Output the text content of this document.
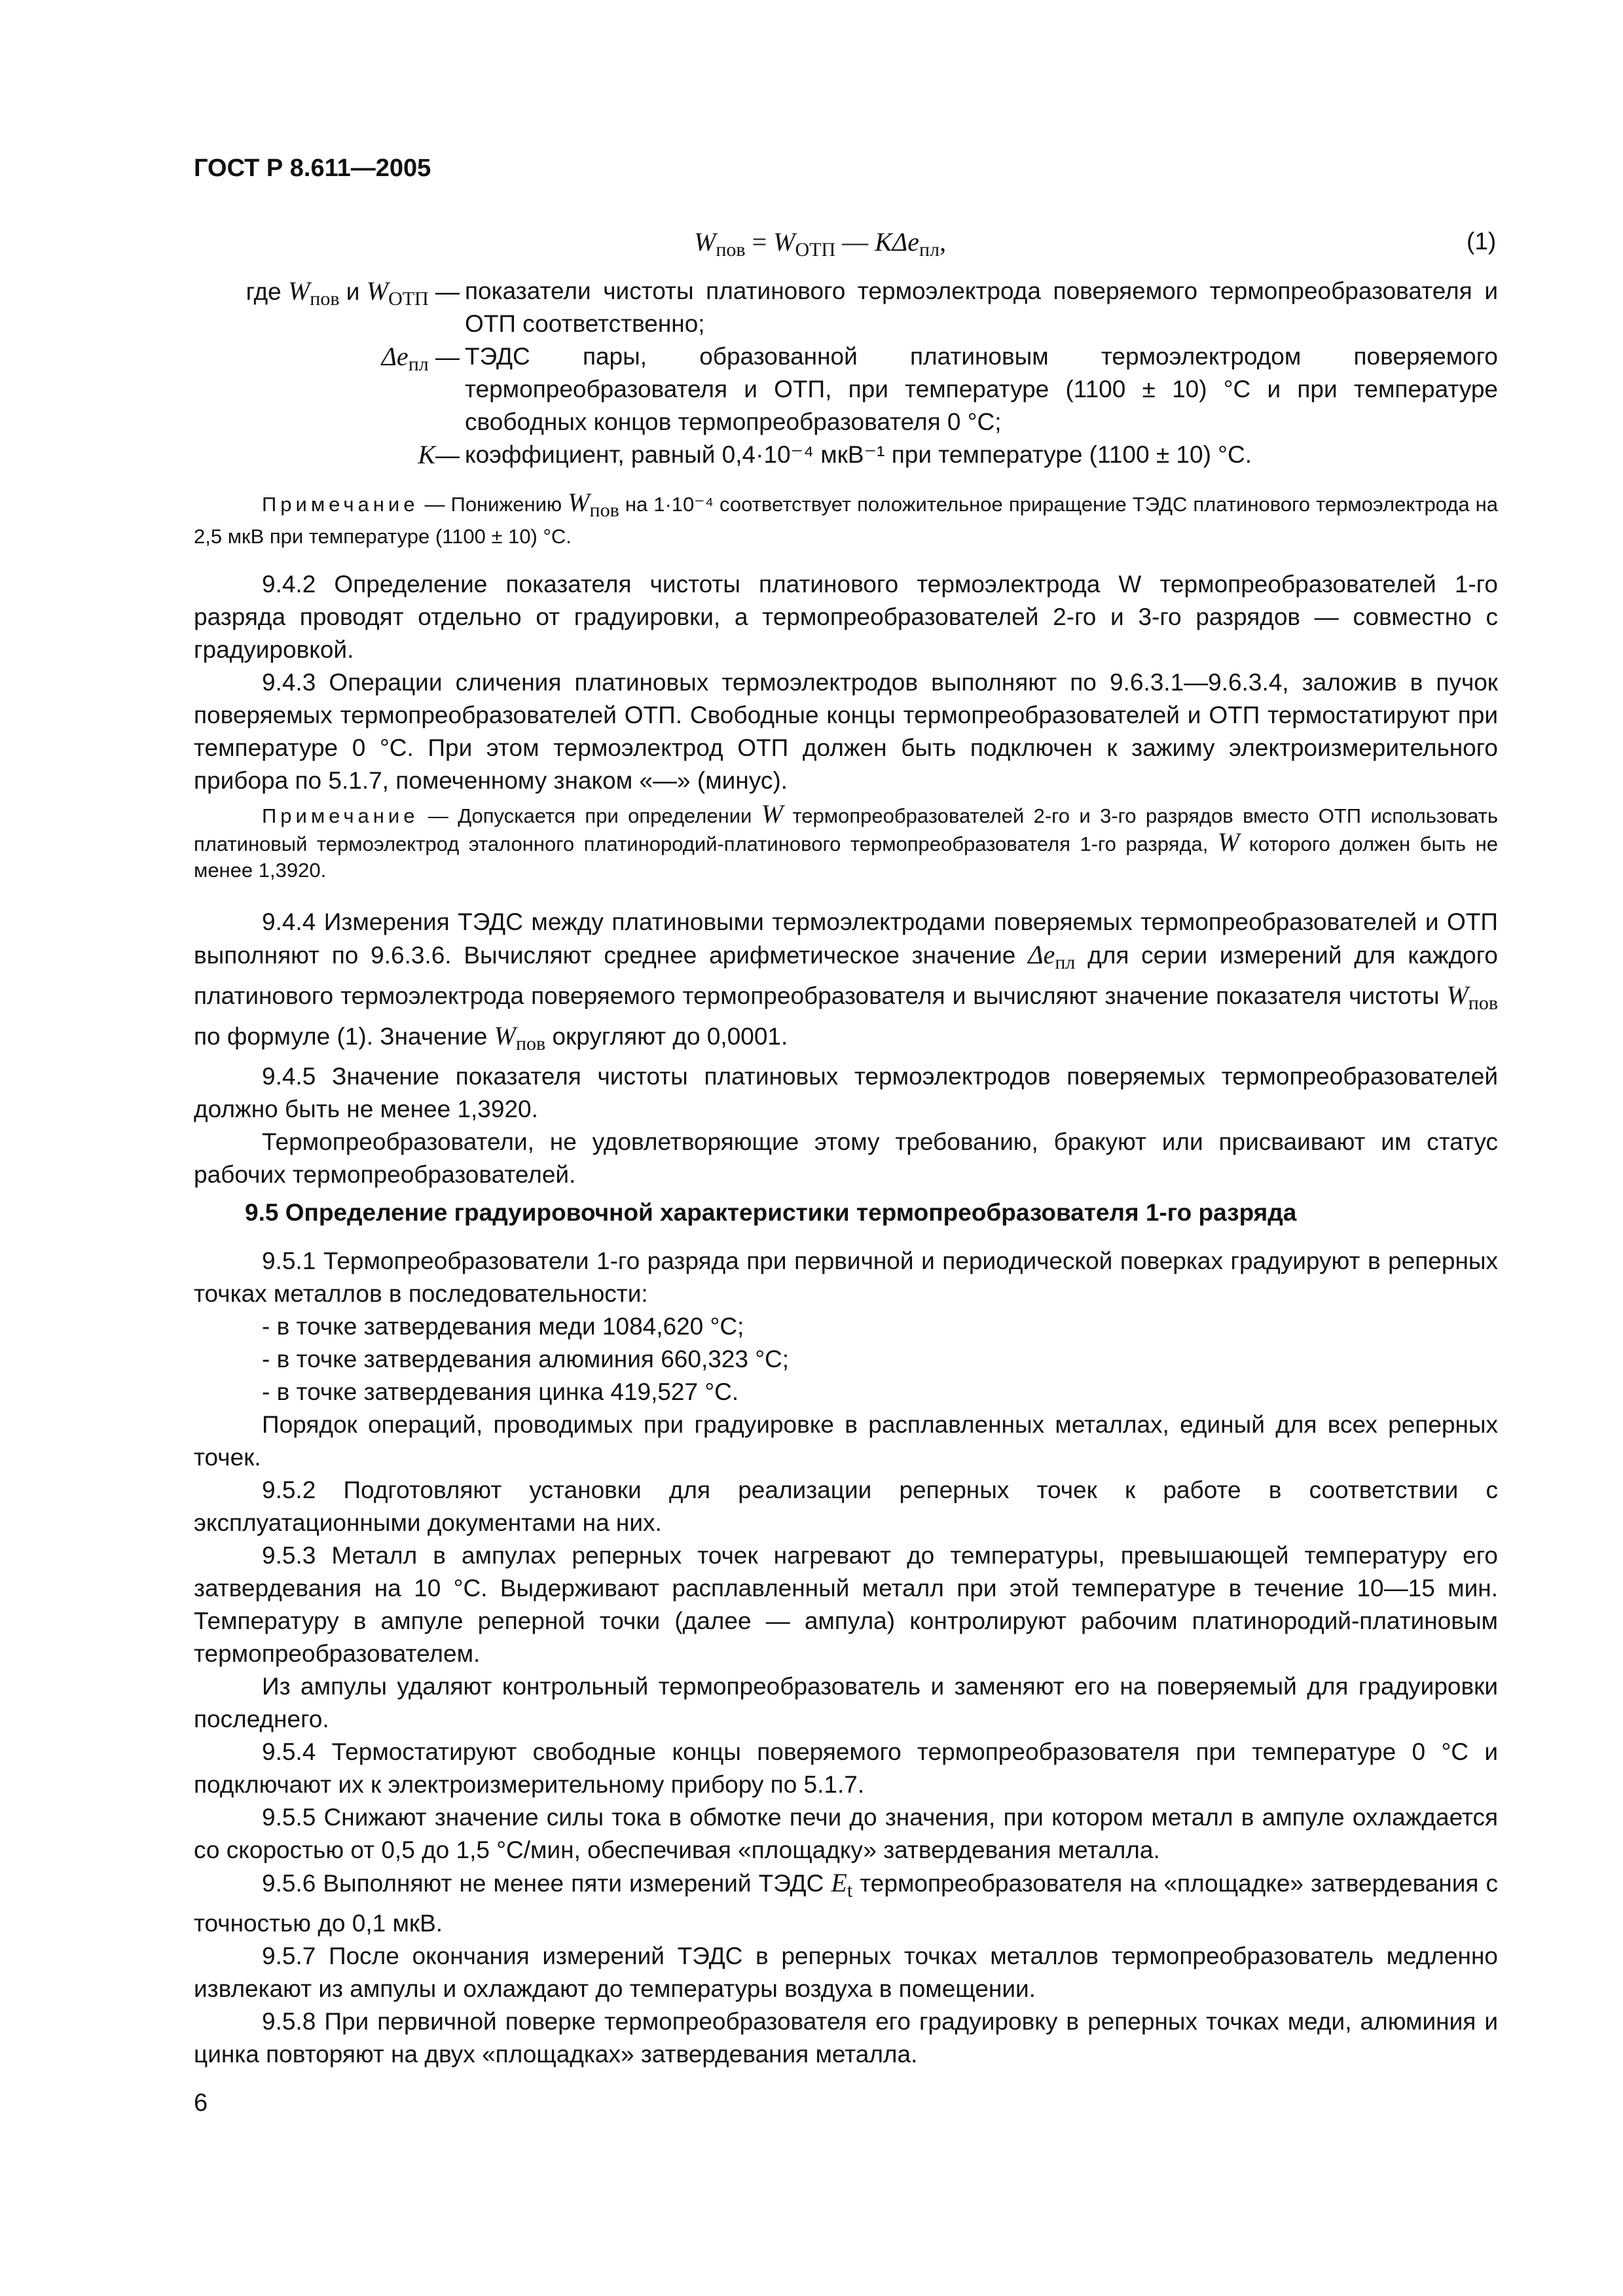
ГОСТ Р 8.611—2005
$W_{пов} = W_{ОТП}$ — KΔe$_{пл}$,	(1)
где $W_{пов}$ и $W_{ОТП}$ — показатели чистоты платинового термоэлектрода поверяемого термопреобразователя и ОТП соответственно;
$\Delta e_{пл}$ — ТЭДС пары, образованной платиновым термоэлектродом поверяемого термопреобразователя и ОТП, при температуре (1100 ± 10) °С и при температуре свободных концов термопреобразователя 0 °С;
K— коэффициент, равный 0,4·10⁻⁴ мкВ⁻¹ при температуре (1100 ± 10) °С.
Примечание — Понижению Wпов на 1·10⁻⁴ соответствует положительное приращение ТЭДС платинового термоэлектрода на 2,5 мкВ при температуре (1100 ± 10) °С.

9.4.2 Определение показателя чистоты платинового термоэлектрода W термопреобразователей 1-го разряда проводят отдельно от градуировки, а термопреобразователей 2-го и 3-го разрядов — совместно с градуировкой.

9.4.3 Операции сличения платиновых термоэлектродов выполняют по 9.6.3.1—9.6.3.4, заложив в пучок поверяемых термопреобразователей ОТП. Свободные концы термопреобразователей и ОТП термостатируют при температуре 0 °С. При этом термоэлектрод ОТП должен быть подключен к зажиму электроизмерительного прибора по 5.1.7, помеченному знаком «—» (минус).

Примечание — Допускается при определении W термопреобразователей 2-го и 3-го разрядов вместо ОТП использовать платиновый термоэлектрод эталонного платинородий-платинового термопреобразователя 1-го разряда, W которого должен быть не менее 1,3920.

9.4.4 Измерения ТЭДС между платиновыми термоэлектродами поверяемых термопреобразователей и ОТП выполняют по 9.6.3.6. Вычисляют среднее арифметическое значение $\Delta e_{пл}$ для серии измерений для каждого платинового термоэлектрода поверяемого термопреобразователя и вычисляют значение показателя чистоты $W_{пов}$ по формуле (1). Значение $W_{пов}$ округляют до 0,0001.

9.4.5 Значение показателя чистоты платиновых термоэлектродов поверяемых термопреобразователей должно быть не менее 1,3920.

Термопреобразователи, не удовлетворяющие этому требованию, бракуют или присваивают им статус рабочих термопреобразователей.

9.5 Определение градуировочной характеристики термопреобразователя 1-го разряда

9.5.1 Термопреобразователи 1-го разряда при первичной и периодической поверках градуируют в реперных точках металлов в последовательности:

- в точке затвердевания меди 1084,620 °С;

- в точке затвердевания алюминия 660,323 °С;

- в точке затвердевания цинка 419,527 °С.

Порядок операций, проводимых при градуировке в расплавленных металлах, единый для всех реперных точек.

9.5.2 Подготовляют установки для реализации реперных точек к работе в соответствии с эксплуатационными документами на них.

9.5.3 Металл в ампулах реперных точек нагревают до температуры, превышающей температуру его затвердевания на 10 °С. Выдерживают расплавленный металл при этой температуре в течение 10—15 мин. Температуру в ампуле реперной точки (далее — ампула) контролируют рабочим платинородий-платиновым термопреобразователем.

Из ампулы удаляют контрольный термопреобразователь и заменяют его на поверяемый для градуировки последнего.

9.5.4 Термостатируют свободные концы поверяемого термопреобразователя при температуре 0 °С и подключают их к электроизмерительному прибору по 5.1.7.

9.5.5 Снижают значение силы тока в обмотке печи до значения, при котором металл в ампуле охлаждается со скоростью от 0,5 до 1,5 °С/мин, обеспечивая «площадку» затвердевания металла.

9.5.6 Выполняют не менее пяти измерений ТЭДС $E_t$ термопреобразователя на «площадке» затвердевания с точностью до 0,1 мкВ.

9.5.7 После окончания измерений ТЭДС в реперных точках металлов термопреобразователь медленно извлекают из ампулы и охлаждают до температуры воздуха в помещении.

9.5.8 При первичной поверке термопреобразователя его градуировку в реперных точках меди, алюминия и цинка повторяют на двух «площадках» затвердевания металла.

6
